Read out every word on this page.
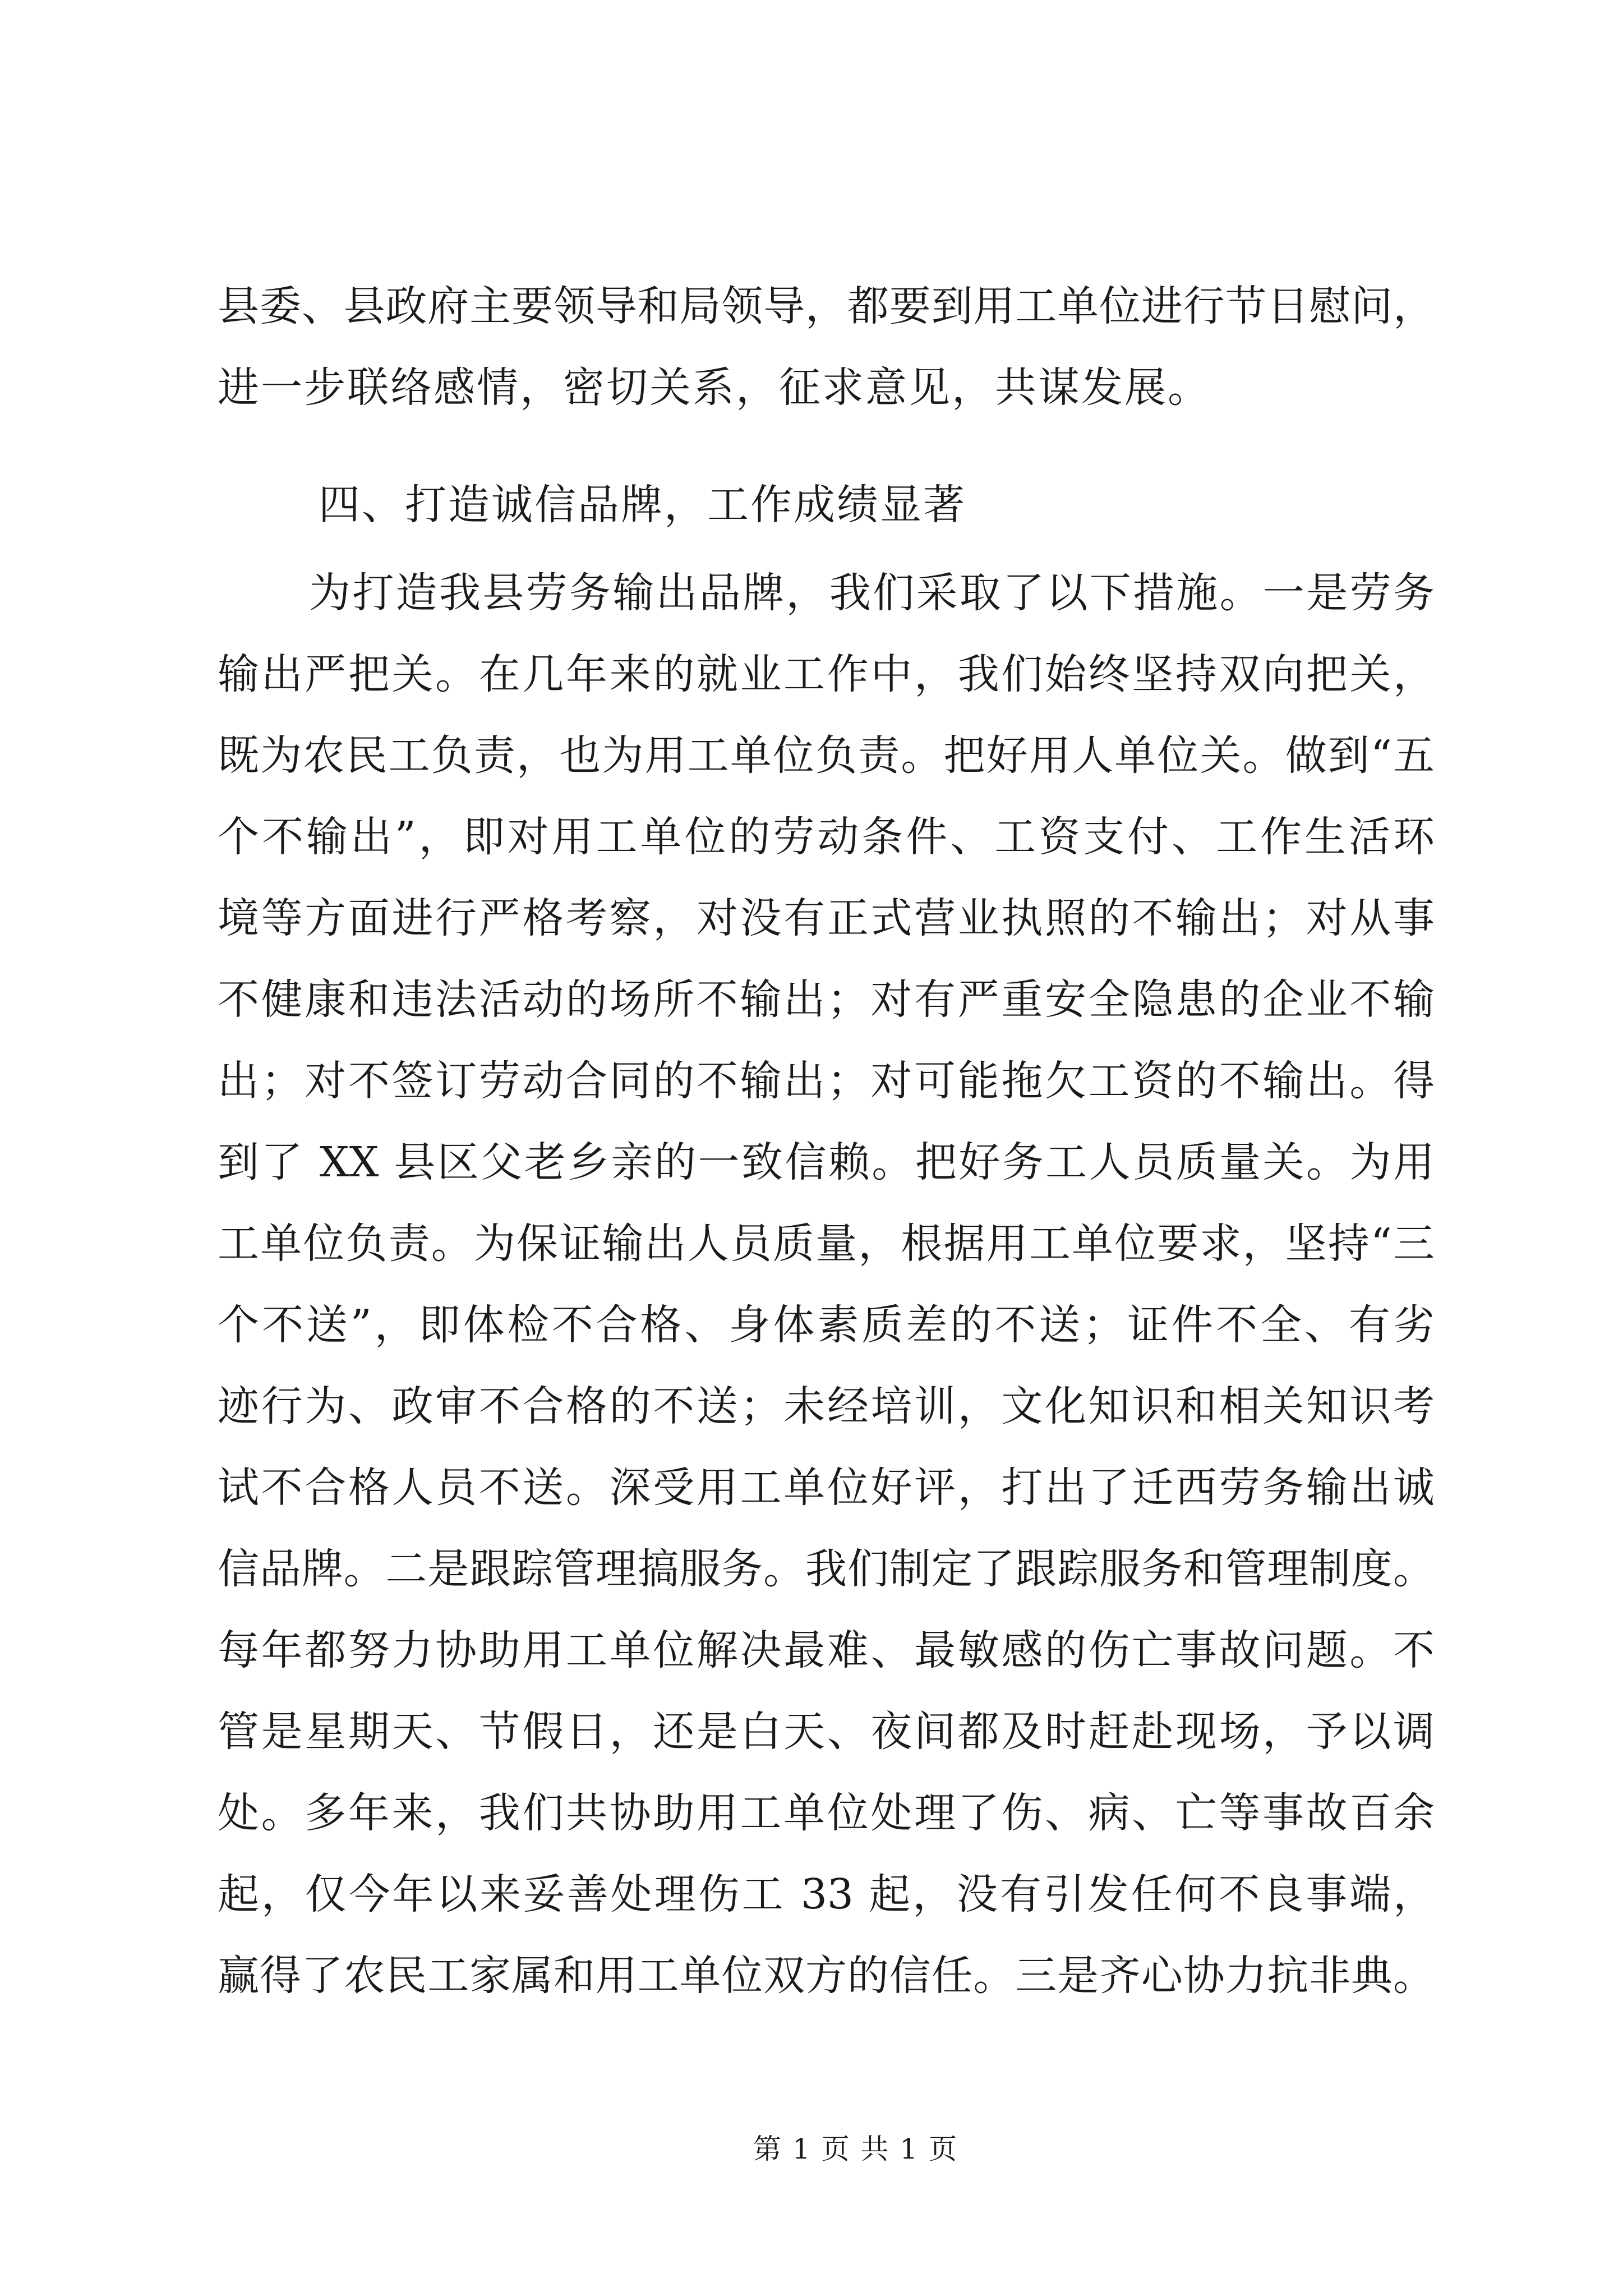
县委、县政府主要领导和局领导，都要到用工单位进行节日慰问，
进一步联络感情，密切关系，征求意见，共谋发展。
四、打造诚信品牌，工作成绩显著
为打造我县劳务输出品牌，我们采取了以下措施。一是劳务
输出严把关。在几年来的就业工作中，我们始终坚持双向把关，
既为农民工负责，也为用工单位负责。把好用人单位关。做到“五
个不输出”，即对用工单位的劳动条件、工资支付、工作生活环
境等方面进行严格考察，对没有正式营业执照的不输出；对从事
不健康和违法活动的场所不输出；对有严重安全隐患的企业不输
出；对不签订劳动合同的不输出；对可能拖欠工资的不输出。得
到了 XX 县区父老乡亲的一致信赖。把好务工人员质量关。为用
工单位负责。为保证输出人员质量，根据用工单位要求，坚持“三
个不送”，即体检不合格、身体素质差的不送；证件不全、有劣
迹行为、政审不合格的不送；未经培训，文化知识和相关知识考
试不合格人员不送。深受用工单位好评，打出了迁西劳务输出诚
信品牌。二是跟踪管理搞服务。我们制定了跟踪服务和管理制度。
每年都努力协助用工单位解决最难、最敏感的伤亡事故问题。不
管是星期天、节假日，还是白天、夜间都及时赶赴现场，予以调
处。多年来，我们共协助用工单位处理了伤、病、亡等事故百余
起，仅今年以来妥善处理伤工 33 起，没有引发任何不良事端，
赢得了农民工家属和用工单位双方的信任。三是齐心协力抗非典。
第 1 页 共 1 页
